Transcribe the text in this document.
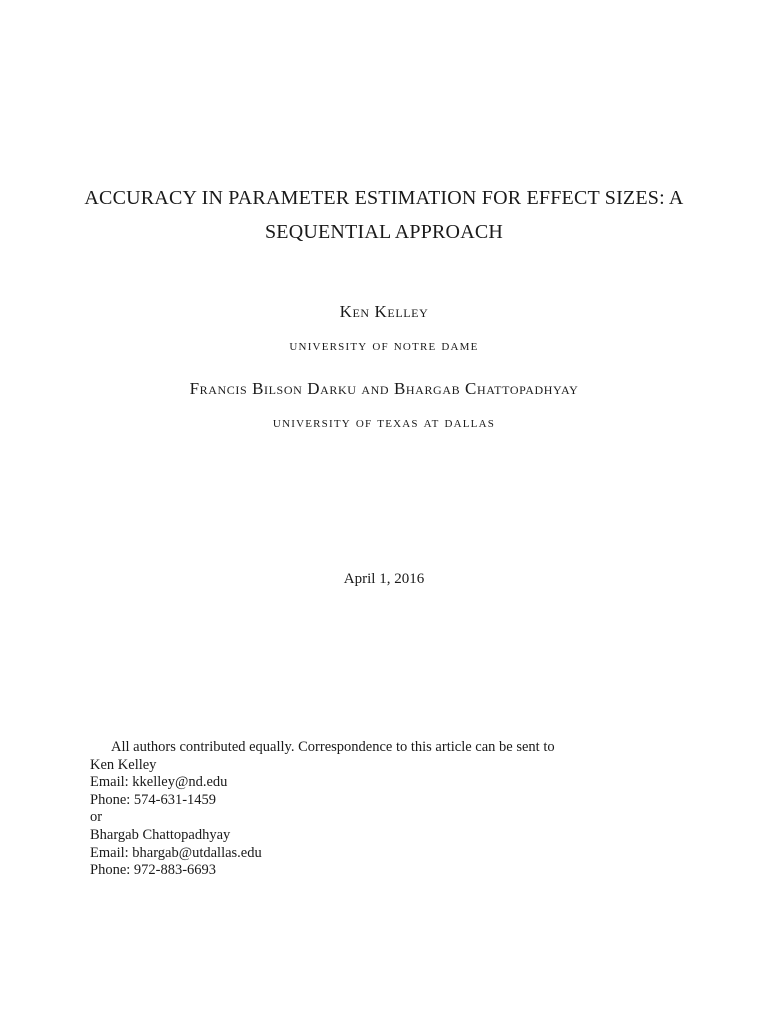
ACCURACY IN PARAMETER ESTIMATION FOR EFFECT SIZES: A
SEQUENTIAL APPROACH
Ken Kelley
university of notre dame
Francis Bilson Darku and Bhargab Chattopadhyay
university of texas at dallas
April 1, 2016
All authors contributed equally. Correspondence to this article can be sent to
Ken Kelley
Email: kkelley@nd.edu
Phone: 574-631-1459
or
Bhargab Chattopadhyay
Email: bhargab@utdallas.edu
Phone: 972-883-6693
